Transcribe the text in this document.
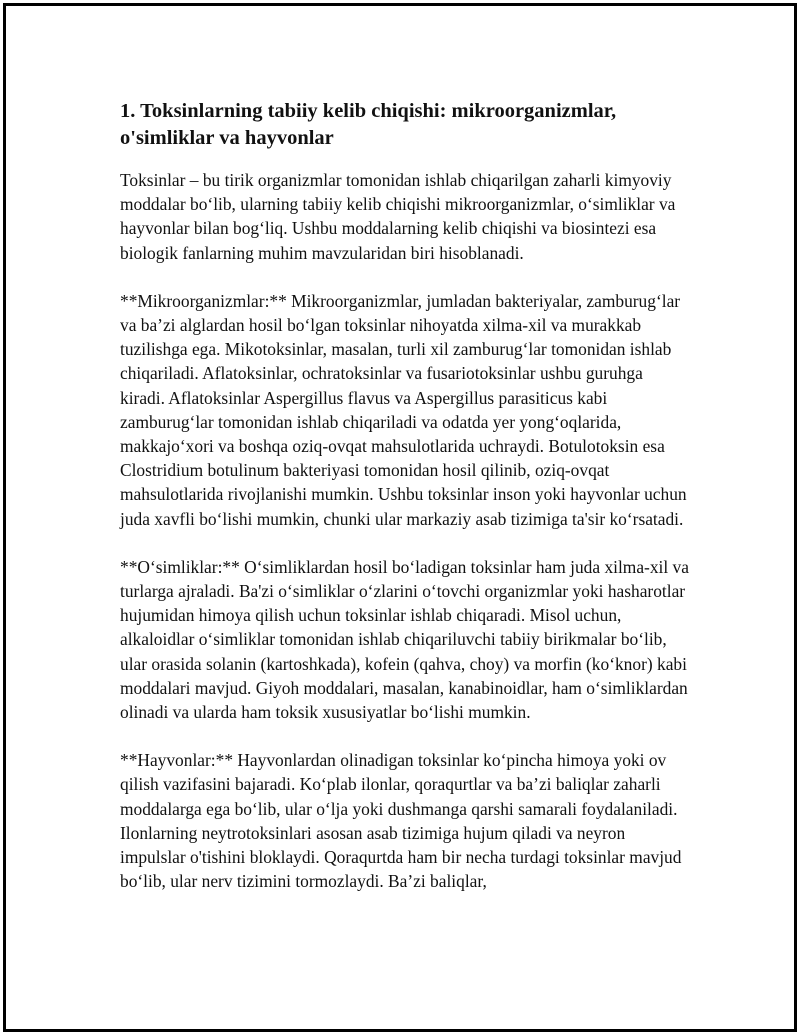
1. Toksinlarning tabiiy kelib chiqishi: mikroorganizmlar, o'simliklar va hayvonlar

Toksinlar – bu tirik organizmlar tomonidan ishlab chiqarilgan zaharli kimyoviy moddalar bo‘lib, ularning tabiiy kelib chiqishi mikroorganizmlar, o‘simliklar va hayvonlar bilan bog‘liq. Ushbu moddalarning kelib chiqishi va biosintezi esa biologik fanlarning muhim mavzularidan biri hisoblanadi.

**Mikroorganizmlar:** Mikroorganizmlar, jumladan bakteriyalar, zamburug‘lar va ba’zi alglardan hosil bo‘lgan toksinlar nihoyatda xilma-xil va murakkab tuzilishga ega. Mikotoksinlar, masalan, turli xil zamburug‘lar tomonidan ishlab chiqariladi. Aflatoksinlar, ochratoksinlar va fusariotoksinlar ushbu guruhga kiradi. Aflatoksinlar Aspergillus flavus va Aspergillus parasiticus kabi zamburug‘lar tomonidan ishlab chiqariladi va odatda yer yong‘oqlarida, makkajo‘xori va boshqa oziq-ovqat mahsulotlarida uchraydi. Botulotoksin esa Clostridium botulinum bakteriyasi tomonidan hosil qilinib, oziq-ovqat mahsulotlarida rivojlanishi mumkin. Ushbu toksinlar inson yoki hayvonlar uchun juda xavfli bo‘lishi mumkin, chunki ular markaziy asab tizimiga ta'sir ko‘rsatadi.

**O‘simliklar:** O‘simliklardan hosil bo‘ladigan toksinlar ham juda xilma-xil va turlarga ajraladi. Ba'zi o‘simliklar o‘zlarini o‘tovchi organizmlar yoki hasharotlar hujumidan himoya qilish uchun toksinlar ishlab chiqaradi. Misol uchun, alkaloidlar o‘simliklar tomonidan ishlab chiqariluvchi tabiiy birikmalar bo‘lib, ular orasida solanin (kartoshkada), kofein (qahva, choy) va morfin (ko‘knor) kabi moddalari mavjud. Giyoh moddalari, masalan, kanabinoidlar, ham o‘simliklardan olinadi va ularda ham toksik xususiyatlar bo‘lishi mumkin.

**Hayvonlar:** Hayvonlardan olinadigan toksinlar ko‘pincha himoya yoki ov qilish vazifasini bajaradi. Ko‘plab ilonlar, qoraqurtlar va ba’zi baliqlar zaharli moddalarga ega bo‘lib, ular o‘lja yoki dushmanga qarshi samarali foydalaniladi. Ilonlarning neytrotoksinlari asosan asab tizimiga hujum qiladi va neyron impulslar o'tishini bloklaydi. Qoraqurtda ham bir necha turdagi toksinlar mavjud bo‘lib, ular nerv tizimini tormozlaydi. Ba’zi baliqlar,
